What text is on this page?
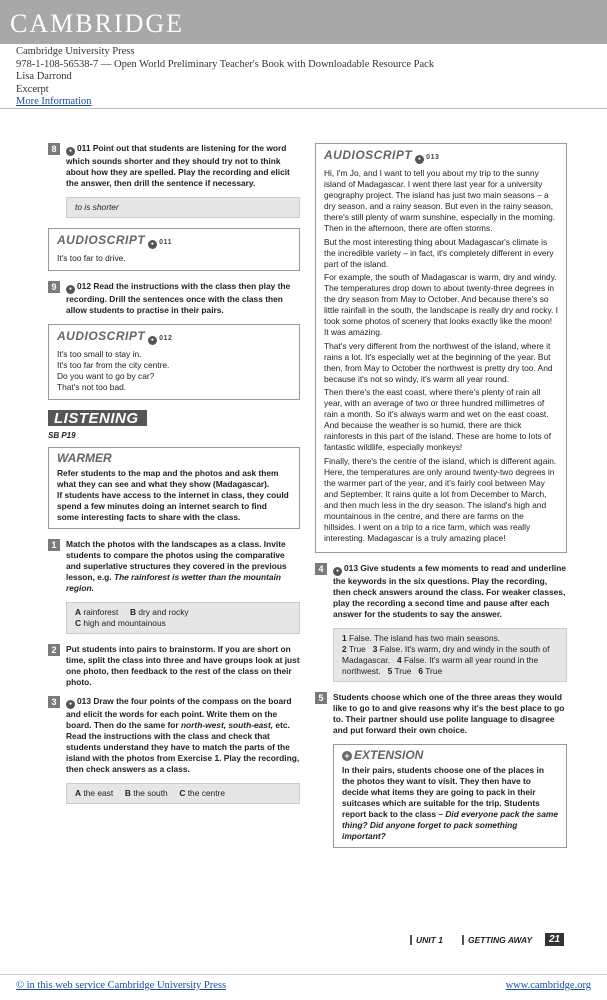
CAMBRIDGE
Cambridge University Press
978-1-108-56538-7 — Open World Preliminary Teacher's Book with Downloadable Resource Pack
Lisa Darrond
Excerpt
More Information
8	● 011 Point out that students are listening for the word which sounds shorter and they should try not to think about how they are spelled. Play the recording and elicit the answer, then drill the sentence if necessary.
to is shorter
AUDIOSCRIPT ● 011
It's too far to drive.
9	● 012 Read the instructions with the class then play the recording. Drill the sentences once with the class then allow students to practise in their pairs.
AUDIOSCRIPT ● 012
It's too small to stay in.
It's too far from the city centre.
Do you want to go by car?
That's not too bad.
LISTENING
SB P19
WARMER
Refer students to the map and the photos and ask them what they can see and what they show (Madagascar).
If students have access to the internet in class, they could spend a few minutes doing an internet search to find some interesting facts to share with the class.
1	Match the photos with the landscapes as a class. Invite students to compare the photos using the comparative and superlative structures they covered in the previous lesson, e.g. The rainforest is wetter than the mountain region.
A rainforest B dry and rocky
C high and mountainous
2	Put students into pairs to brainstorm. If you are short on time, split the class into three and have groups look at just one photo, then feedback to the rest of the class on their photo.
3	● 013 Draw the four points of the compass on the board and elicit the words for each point. Write them on the board. Then do the same for north-west, south-east, etc. Read the instructions with the class and check that students understand they have to match the parts of the island with the photos from Exercise 1. Play the recording, then check answers as a class.
A the east B the south C the centre
AUDIOSCRIPT ● 013

Hi, I'm Jo, and I want to tell you about my trip to the sunny island of Madagascar. I went there last year for a university geography project. The island has just two main seasons – a dry season, and a rainy season. But even in the rainy season, there's still plenty of warm sunshine, especially in the morning. Then in the afternoon, there are often storms.

But the most interesting thing about Madagascar's climate is the incredible variety – in fact, it's completely different in every part of the island.

For example, the south of Madagascar is warm, dry and windy. The temperatures drop down to about twenty-three degrees in the dry season from May to October. And because there's so little rainfall in the south, the landscape is really dry and rocky. I took some photos of scenery that looks exactly like the moon! It was amazing.

That's very different from the northwest of the island, where it rains a lot. It's especially wet at the beginning of the year. But then, from May to October the northwest is pretty dry too. And because it's not so windy, it's warm all year round.

Then there's the east coast, where there's plenty of rain all year, with an average of two or three hundred millimetres of rain a month. So it's always warm and wet on the east coast. And because the weather is so humid, there are thick rainforests in this part of the island. These are home to lots of fantastic wildlife, especially monkeys!

Finally, there's the centre of the island, which is different again. Here, the temperatures are only around twenty-two degrees in the warmer part of the year, and it's fairly cool between May and September. It rains quite a lot from December to March, and then much less in the dry season. The island's high and mountainous in the centre, and there are farms on the hillsides. I went on a trip to a rice farm, which was really interesting. Madagascar is a truly amazing place!

4	● 013 Give students a few moments to read and underline the keywords in the six questions. Play the recording, then check answers around the class. For weaker classes, play the recording a second time and pause after each answer for the students to say the answer.
1 False. The island has two main seasons.
2 True 3 False. It's warm, dry and windy in the south of Madagascar. 4 False. It's warm all year round in the northwest. 5 True 6 True
5	Students choose which one of the three areas they would like to go to and give reasons why it's the best place to go to. Their partner should use polite language to disagree and put forward their own choice.
+ EXTENSION
In their pairs, students choose one of the places in the photos they want to visit. They then have to decide what items they are going to pack in their suitcases which are suitable for the trip. Students report back to the class – Did everyone pack the same thing? Did anyone forget to pack something important?
UNIT 1	GETTING AWAY	21
© in this web service Cambridge University Press	www.cambridge.org
